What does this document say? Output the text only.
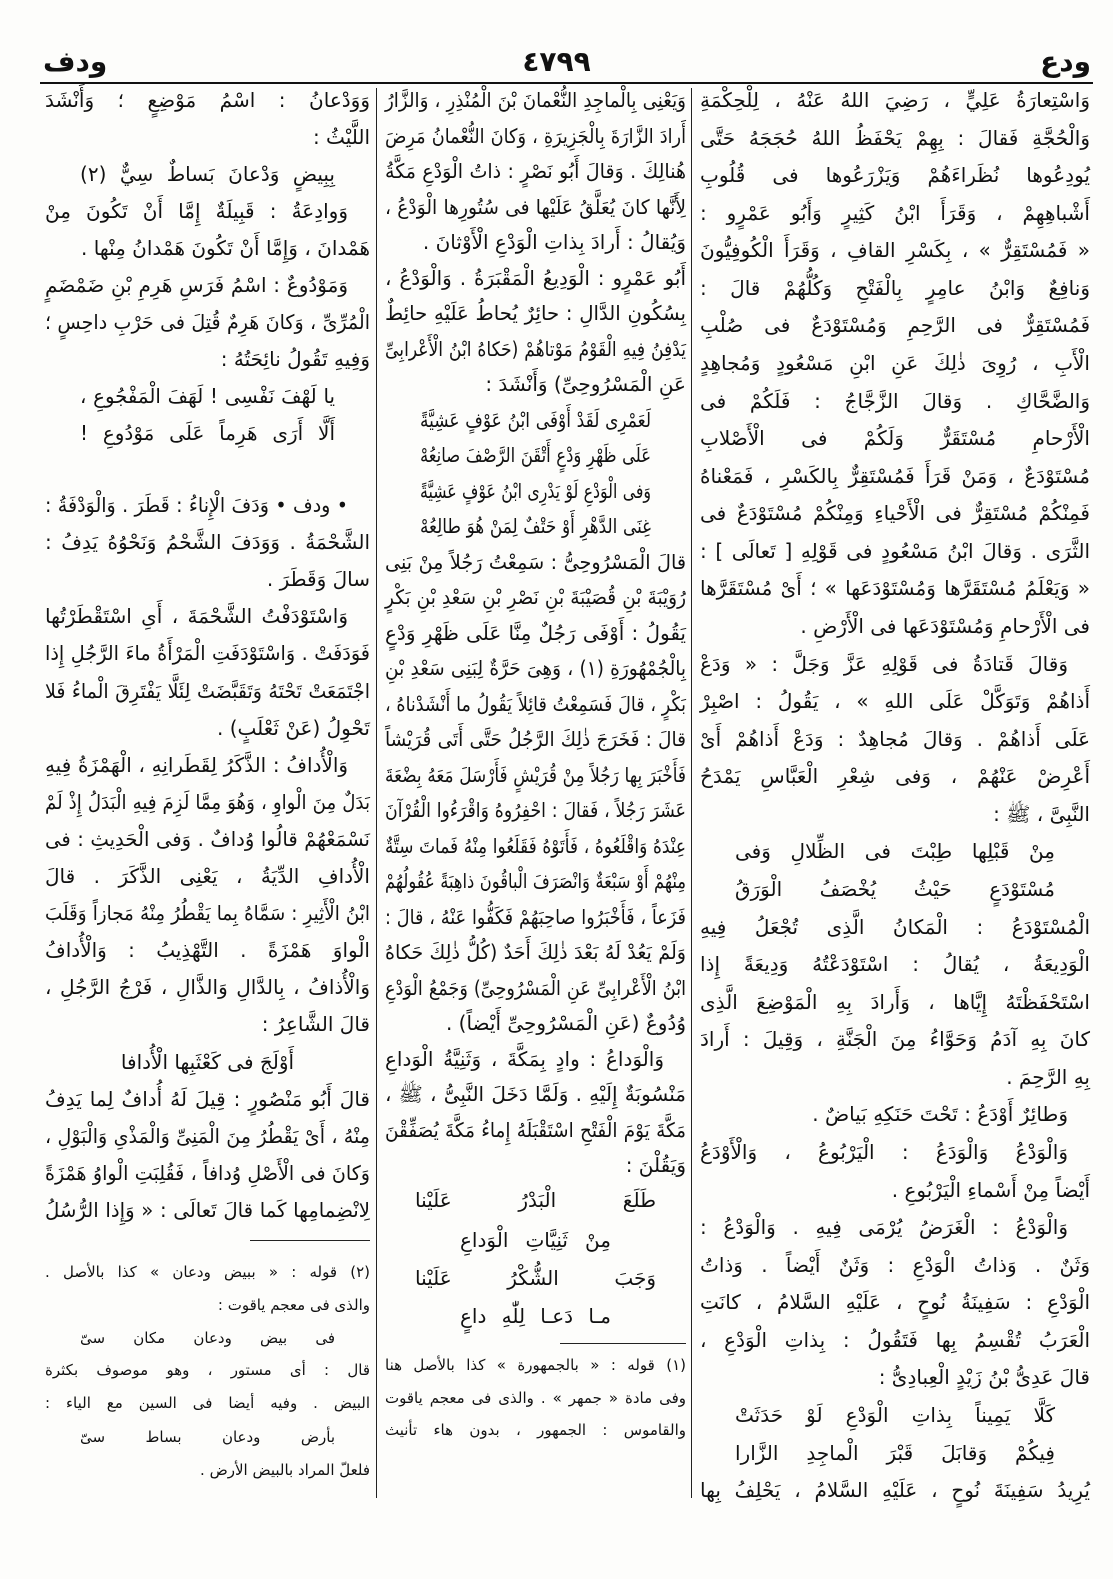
ودع
٤٧٩٩
ودف
وَاسْتِعارَةُ عَلِيٍّ ، رَضِيَ اللهُ عَنْهُ ، لِلْحِكْمَةِ
وَالْحُجَّةِ فَقالَ : بِهِمْ يَحْفَظُ اللهُ حُجَجَهُ حَتَّى
يُودِعُوها نُظَراءَهُمْ وَيَزْرَعُوها فى قُلُوبِ
أَشْباهِهِمْ ، وَقَرَأَ ابْنُ كَثِيرٍ وَأَبُو عَمْرٍو :
« فَمُسْتَقِرٌّ » ، بِكَسْرِ القافِ ، وَقَرَأَ الْكُوفِيُّونَ
وَنافِعٌ وَابْنُ عامِرٍ بِالْفَتْحِ وَكُلُّهُمْ قالَ :
فَمُسْتَقِرٌّ فى الرَّحِمِ وَمُسْتَوْدَعٌ فى صُلْبِ
الْأَبِ ، رُوِىَ ذٰلِكَ عَنِ ابْنِ مَسْعُودٍ وَمُجاهِدٍ
وَالضَّحَّاكِ . وَقالَ الزَّجَّاجُ : فَلَكُمْ فى
الْأَرْحامِ مُسْتَقَرٌّ وَلَكُمْ فى الْأَصْلابِ
مُسْتَوْدَعٌ ، وَمَنْ قَرَأَ فَمُسْتَقِرٌّ بِالكَسْرِ ، فَمَعْناهُ
فَمِنْكُمْ مُسْتَقِرٌّ فى الْأَحْياءِ وَمِنْكُمْ مُسْتَوْدَعٌ فى
الثَّرَى . وَقالَ ابْنُ مَسْعُودٍ فى قَوْلِهِ [ تَعالَى ] :
« وَيَعْلَمُ مُسْتَقَرَّها وَمُسْتَوْدَعَها » ؛ أَىْ مُسْتَقَرَّها
فى الْأَرْحامِ وَمُسْتَوْدَعَها فى الْأَرْضِ .
وَقالَ قَتادَةُ فى قَوْلِهِ عَزَّ وَجَلَّ : « وَدَعْ
أَذاهُمْ وَتَوَكَّلْ عَلَى اللهِ » ، يَقُولُ : اصْبِرْ
عَلَى أَذاهُمْ . وَقالَ مُجاهِدٌ : وَدَعْ أَذاهُمْ أَىْ
أَعْرِضْ عَنْهُمْ ، وَفى شِعْرِ الْعَبَّاسِ يَمْدَحُ
النَّبِىَّ ، ﷺ :
مِنْ قَبْلِها طِبْتَ فى الظِّلالِ وَفى
مُسْتَوْدَعٍ حَيْثُ يُخْصَفُ الْوَرَقُ
الْمُسْتَوْدَعُ : الْمَكانُ الَّذِى تُجْعَلُ فِيهِ
الْوَدِيعَةُ ، يُقالُ : اسْتَوْدَعْتُهُ وَدِيعَةً إِذا
اسْتَحْفَظْتَهُ إِيَّاها ، وَأَرادَ بِهِ الْمَوْضِعَ الَّذِى
كانَ بِهِ آدَمُ وَحَوَّاءُ مِنَ الْجَنَّةِ ، وَقِيلَ : أَرادَ
بِهِ الرَّحِمَ .
وَطائِرٌ أَوْدَعُ : تَحْتَ حَنَكِهِ بَياضٌ .
وَالْوَدْعُ وَالْوَدَعُ : الْيَرْبُوعُ ، وَالْأَوْدَعُ
أَيْضاً مِنْ أَسْماءِ الْيَرْبُوعِ .
وَالْوَدْعُ : الْغَرَضُ يُرْمَى فِيهِ . وَالْوَدْعُ :
وَثَنٌ . وَذاتُ الْوَدْعِ : وَثَنٌ أَيْضاً . وَذاتُ
الْوَدْعِ : سَفِينَةُ نُوحٍ ، عَلَيْهِ السَّلامُ ، كانَتِ
الْعَرَبُ تُقْسِمُ بِها فَتَقُولُ : بِذاتِ الْوَدْعِ ،
قالَ عَدِىُّ بْنُ زَيْدٍ الْعِبادِىُّ :
كَلَّا يَمِيناً بِذاتِ الْوَدْعِ لَوْ حَدَثَتْ
فِيكُمْ وَقابَلَ قَبْرَ الْماجِدِ الزَّارا
يُرِيدُ سَفِينَةَ نُوحٍ ، عَلَيْهِ السَّلامُ ، يَحْلِفُ بِها
وَيَعْنِى بِالْماجِدِ النُّعْمانَ بْنَ الْمُنْذِرِ ، وَالزَّارُ
أَرادَ الزَّارَةَ بِالْجَزِيرَةِ ، وَكانَ النُّعْمانُ مَرِضَ
هُنالِكَ . وَقالَ أَبُو نَصْرٍ : ذاتُ الْوَدْعِ مَكَّةُ
لِأَنَّها كانَ يُعَلَّقُ عَلَيْها فى سُتُورِها الْوَدْعُ ،
وَيُقالُ : أَرادَ بِذاتِ الْوَدْعِ الْأَوْثانَ .
أَبُو عَمْرٍو : الْوَدِيعُ الْمَقْبَرَةُ . وَالْوَدْعُ ،
بِسُكُونِ الدَّالِ : حائِرٌ يُحاطُ عَلَيْهِ حائِطٌ
يَدْفِنُ فِيهِ الْقَوْمُ مَوْتاهُمْ (حَكاهُ ابْنُ الْأَعْرابِىِّ
عَنِ الْمَسْرُوحِىِّ) وَأَنْشَدَ :
لَعَمْرِى لَقَدْ أَوْفَى ابْنُ عَوْفٍ عَشِيَّةً
عَلَى ظَهْرِ وَدْعٍ أَتْقَنَ الرَّصْفَ صانِعُهْ
وَفى الْوَدْعِ لَوْ يَدْرِى ابْنُ عَوْفٍ عَشِيَّةً
غِنَى الدَّهْرِ أَوْ حَتْفٌ لِمَنْ هُوَ طالِعُهْ
قالَ الْمَسْرُوحِىُّ : سَمِعْتُ رَجُلاً مِنْ بَنِى
رُوَيْبَةَ بْنِ قُصَيْبَةَ بْنِ نَصْرِ بْنِ سَعْدِ بْنِ بَكْرٍ
يَقُولُ : أَوْفَى رَجُلٌ مِنَّا عَلَى ظَهْرِ وَدْعٍ
بِالْجُمْهُورَةِ (١) ، وَهِىَ حَرَّةٌ لِبَنِى سَعْدِ بْنِ
بَكْرٍ ، قالَ فَسَمِعْتُ قائِلاً يَقُولُ ما أَنْشَدْناهُ ،
قالَ : فَخَرَجَ ذٰلِكَ الرَّجُلُ حَتَّى أَتَى قُرَيْشاً
فَأَخْبَرَ بِها رَجُلاً مِنْ قُرَيْشٍ فَأَرْسَلَ مَعَهُ بِضْعَةَ
عَشَرَ رَجُلاً ، فَقالَ : احْفِرُوهُ وَاقْرَءُوا الْقُرْآنَ
عِنْدَهُ وَاقْلَعُوهُ ، فَأَتَوْهُ فَقَلَعُوا مِنْهُ فَماتَ سِتَّةٌ
مِنْهُمْ أَوْ سَبْعَةٌ وَانْصَرَفَ الْباقُونَ ذاهِبَةً عُقُولُهُمْ
فَزَعاً ، فَأَخْبَرُوا صاحِبَهُمْ فَكَفُّوا عَنْهُ ، قالَ :
وَلَمْ يَعُدْ لَهُ بَعْدَ ذٰلِكَ أَحَدٌ (كُلُّ ذٰلِكَ حَكاهُ
ابْنُ الْأَعْرابِىِّ عَنِ الْمَسْرُوحِىِّ) وَجَمْعُ الْوَدْعِ
وُدُوعٌ (عَنِ الْمَسْرُوحِىِّ أَيْضاً) .
وَالْوَداعُ : وادٍ بِمَكَّةَ ، وَثَنِيَّةُ الْوَداعِ
مَنْسُوبَةٌ إِلَيْهِ . وَلَمَّا دَخَلَ النَّبِىُّ ، ﷺ ،
مَكَّةَ يَوْمَ الْفَتْحِ اسْتَقْبَلَهُ إِماءُ مَكَّةَ يُصَفِّقْنَ
وَيَقُلْنَ :
طَلَعَ الْبَدْرُ عَلَيْنا
مِنْ ثَنِيَّاتِ الْوَداعِ
وَجَبَ الشُّكْرُ عَلَيْنا
مـا دَعـا لِلّٰهِ داعٍ
(١) قوله : « بالجمهورة » كذا بالأصل هنا
وفى مادة « جمهر » . والذى فى معجم ياقوت
والقاموس : الجمهور ، بدون هاء تأنيث
وَوَدْعانُ : اسْمُ مَوْضِعٍ ؛ وَأَنْشَدَ
اللَّيْثُ :
بِبِيضٍ وَدْعانَ بَساطٌ سِيٌّ (٢)
وَوادِعَةُ : قَبِيلَةٌ إِمَّا أَنْ تَكُونَ مِنْ
هَمْدانَ ، وَإِمَّا أَنْ تَكُونَ هَمْدانُ مِنْها .
وَمَوْدُوعٌ : اسْمُ فَرَسِ هَرِمِ بْنِ ضَمْضَمٍ
الْمُرِّىِّ ، وَكانَ هَرِمٌ قُتِلَ فى حَرْبِ داحِسٍ ؛
وَفِيهِ تَقُولُ نائِحَتُهُ :
يا لَهْفَ نَفْسِى ! لَهَفَ الْمَفْجُوعِ ،
أَلَّا أَرَى هَرِماً عَلَى مَوْدُوعِ !
• ودف • وَدَفَ الْإِناءُ : قَطَرَ . وَالْوَدْفَةُ :
الشَّحْمَةُ . وَوَدَفَ الشَّحْمُ وَنَحْوُهُ يَدِفُ :
سالَ وَقَطَرَ .
وَاسْتَوْدَفْتُ الشَّحْمَةَ ، أَىِ اسْتَقْطَرْتُها
فَوَدَفَتْ . وَاسْتَوْدَفَتِ الْمَرْأَةُ ماءَ الرَّجُلِ إِذا
اجْتَمَعَتْ تَحْتَهُ وَتَقَبَّضَتْ لِئَلَّا يَفْتَرِقَ الْماءُ فَلا
تَحْوِلُ (عَنْ ثَعْلَبٍ) .
وَالْأُدافُ : الذَّكَرُ لِقَطَرانِهِ ، الْهَمْزَةُ فِيهِ
بَدَلٌ مِنَ الْواوِ ، وَهُوَ مِمَّا لَزِمَ فِيهِ الْبَدَلُ إِذْ لَمْ
نَسْمَعْهُمْ قالُوا وُدافٌ . وَفى الْحَدِيثِ : فى
الْأُدافِ الدِّيَةُ ، يَعْنِى الذَّكَرَ . قالَ
ابْنُ الْأَثِيرِ : سَمَّاهُ بِما يَقْطُرُ مِنْهُ مَجازاً وَقَلَبَ
الْواوَ هَمْزَةً . التَّهْذِيبُ : وَالْأُدافُ
وَالْأُذافُ ، بِالدَّالِ وَالذَّالِ ، فَرْجُ الرَّجُلِ ،
قالَ الشَّاعِرُ :
أَوْلَجَ فى كَعْثَبِها الْأُدافا
قالَ أَبُو مَنْصُورٍ : قِيلَ لَهُ أُدافٌ لِما يَدِفُ
مِنْهُ ، أَىْ يَقْطُرُ مِنَ الْمَنِىِّ وَالْمَذْىِ وَالْبَوْلِ ،
وَكانَ فى الْأَصْلِ وُدافاً ، فَقُلِبَتِ الْواوُ هَمْزَةً
لِانْضِمامِها كَما قالَ تَعالَى : « وَإِذا الرُّسُلُ
(٢) قوله : « ببيض ودعان » كذا بالأصل .
والذى فى معجم ياقوت :
فى بيض ودعان مكان سىّ
قال : أى مستور ، وهو موصوف بكثرة
البيض . وفيه أيضا فى السين مع الياء :
بأرض ودعان بساط سىّ
فلعلّ المراد بالبيض الأرض .
